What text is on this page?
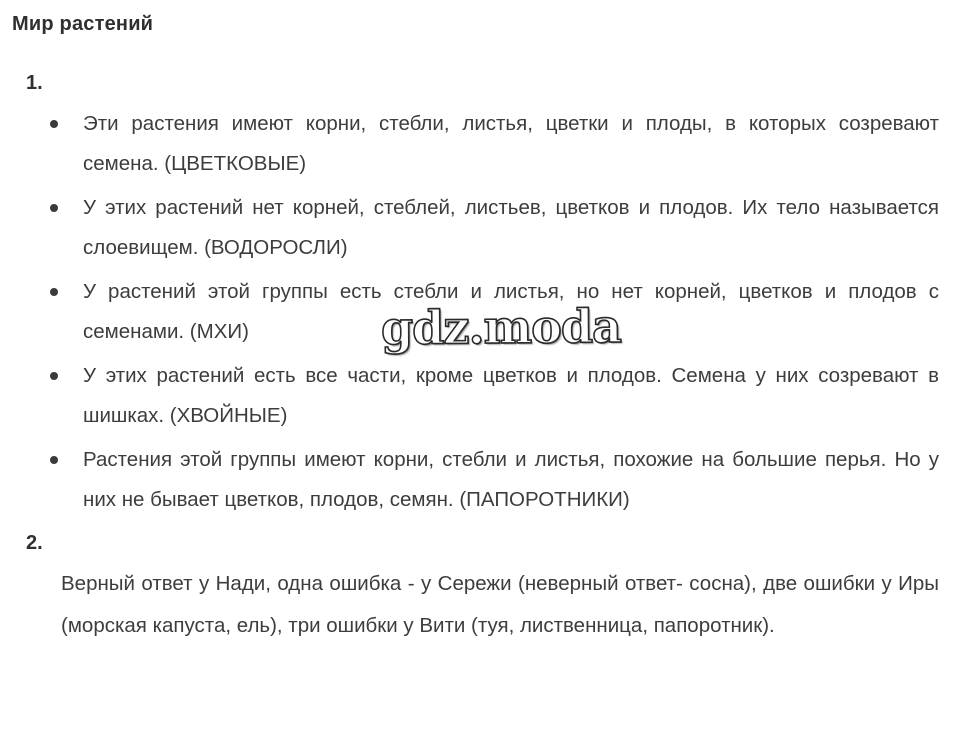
Мир растений
1.
Эти растения имеют корни, стебли, листья, цветки и плоды, в которых созревают семена. (ЦВЕТКОВЫЕ)
У этих растений нет корней, стеблей, листьев, цветков и плодов. Их тело называется слоевищем. (ВОДОРОСЛИ)
У растений этой группы есть стебли и листья, но нет корней, цветков и плодов с семенами. (МХИ)
У этих растений есть все части, кроме цветков и плодов. Семена у них созревают в шишках. (ХВОЙНЫЕ)
Растения этой группы имеют корни, стебли и листья, похожие на большие перья. Но у них не бывает цветков, плодов, семян. (ПАПОРОТНИКИ)
2.

Верный ответ у Нади, одна ошибка - у Сережи (неверный ответ- сосна), две ошибки у Иры (морская капуста, ель), три ошибки у Вити (туя, лиственница, папоротник).

gdz.moda
